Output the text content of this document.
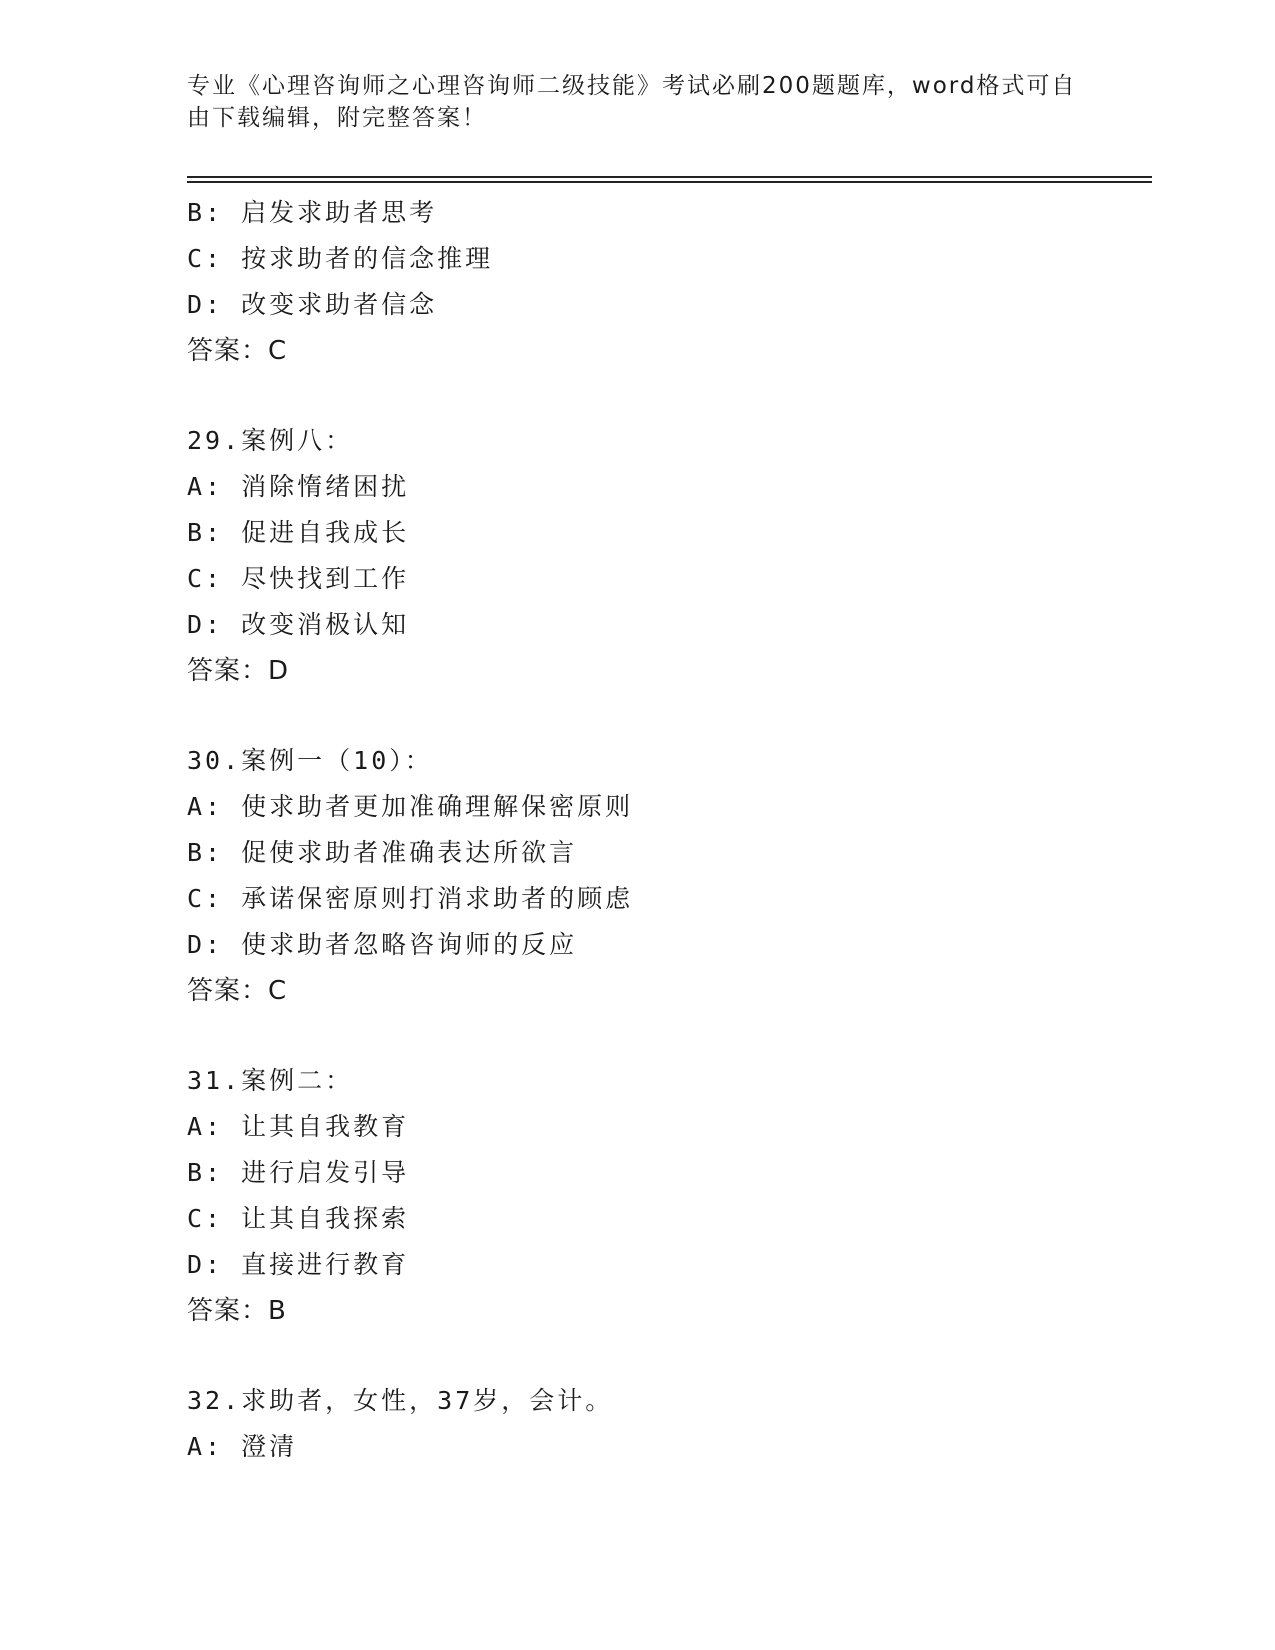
专业《心理咨询师之心理咨询师二级技能》考试必刷200题题库，word格式可自
由下载编辑，附完整答案！
B: 启发求助者思考
C: 按求助者的信念推理
D: 改变求助者信念
答案：C
29.案例八：
A: 消除惰绪困扰
B: 促进自我成长
C: 尽快找到工作
D: 改变消极认知
答案：D
30.案例一（10）：
A: 使求助者更加准确理解保密原则
B: 促使求助者准确表达所欲言
C: 承诺保密原则打消求助者的顾虑
D: 使求助者忽略咨询师的反应
答案：C
31.案例二：
A: 让其自我教育
B: 进行启发引导
C: 让其自我探索
D: 直接进行教育
答案：B
32.求助者，女性，37岁，会计。
A: 澄清
